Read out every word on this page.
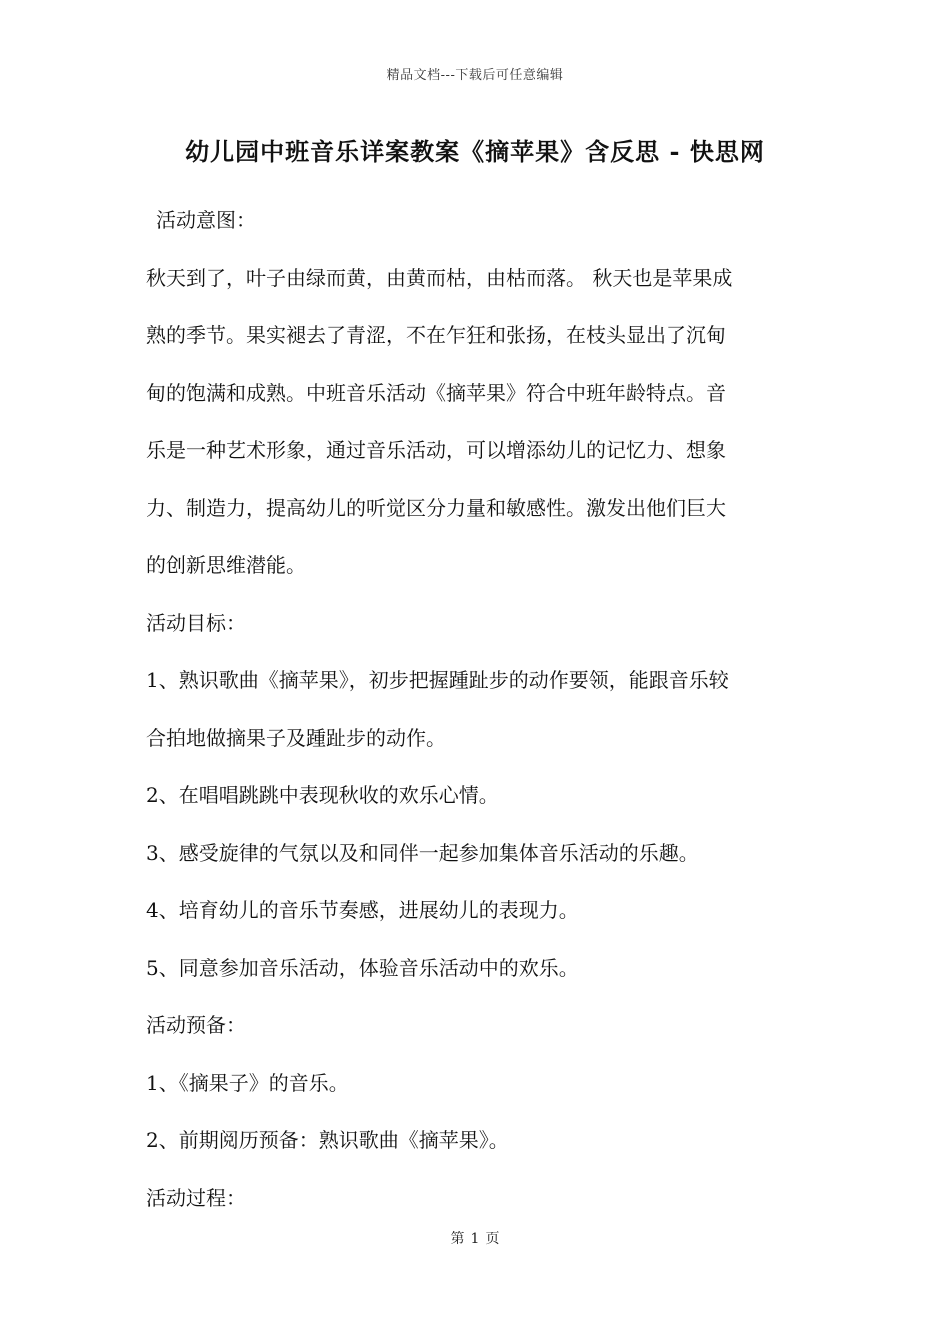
精品文档---下载后可任意编辑
幼儿园中班音乐详案教案《摘苹果》含反思 - 快思网
活动意图：
秋天到了，叶子由绿而黄，由黄而枯，由枯而落。 秋天也是苹果成
熟的季节。果实褪去了青涩，不在乍狂和张扬，在枝头显出了沉甸
甸的饱满和成熟。中班音乐活动《摘苹果》符合中班年龄特点。音
乐是一种艺术形象，通过音乐活动，可以增添幼儿的记忆力、想象
力、制造力，提高幼儿的听觉区分力量和敏感性。激发出他们巨大
的创新思维潜能。
活动目标：
1、熟识歌曲《摘苹果》，初步把握踵趾步的动作要领，能跟音乐较
合拍地做摘果子及踵趾步的动作。
2、在唱唱跳跳中表现秋收的欢乐心情。
3、感受旋律的气氛以及和同伴一起参加集体音乐活动的乐趣。
4、培育幼儿的音乐节奏感，进展幼儿的表现力。
5、同意参加音乐活动，体验音乐活动中的欢乐。
活动预备：
1、《摘果子》的音乐。
2、前期阅历预备：熟识歌曲《摘苹果》。
活动过程：
第 1 页
